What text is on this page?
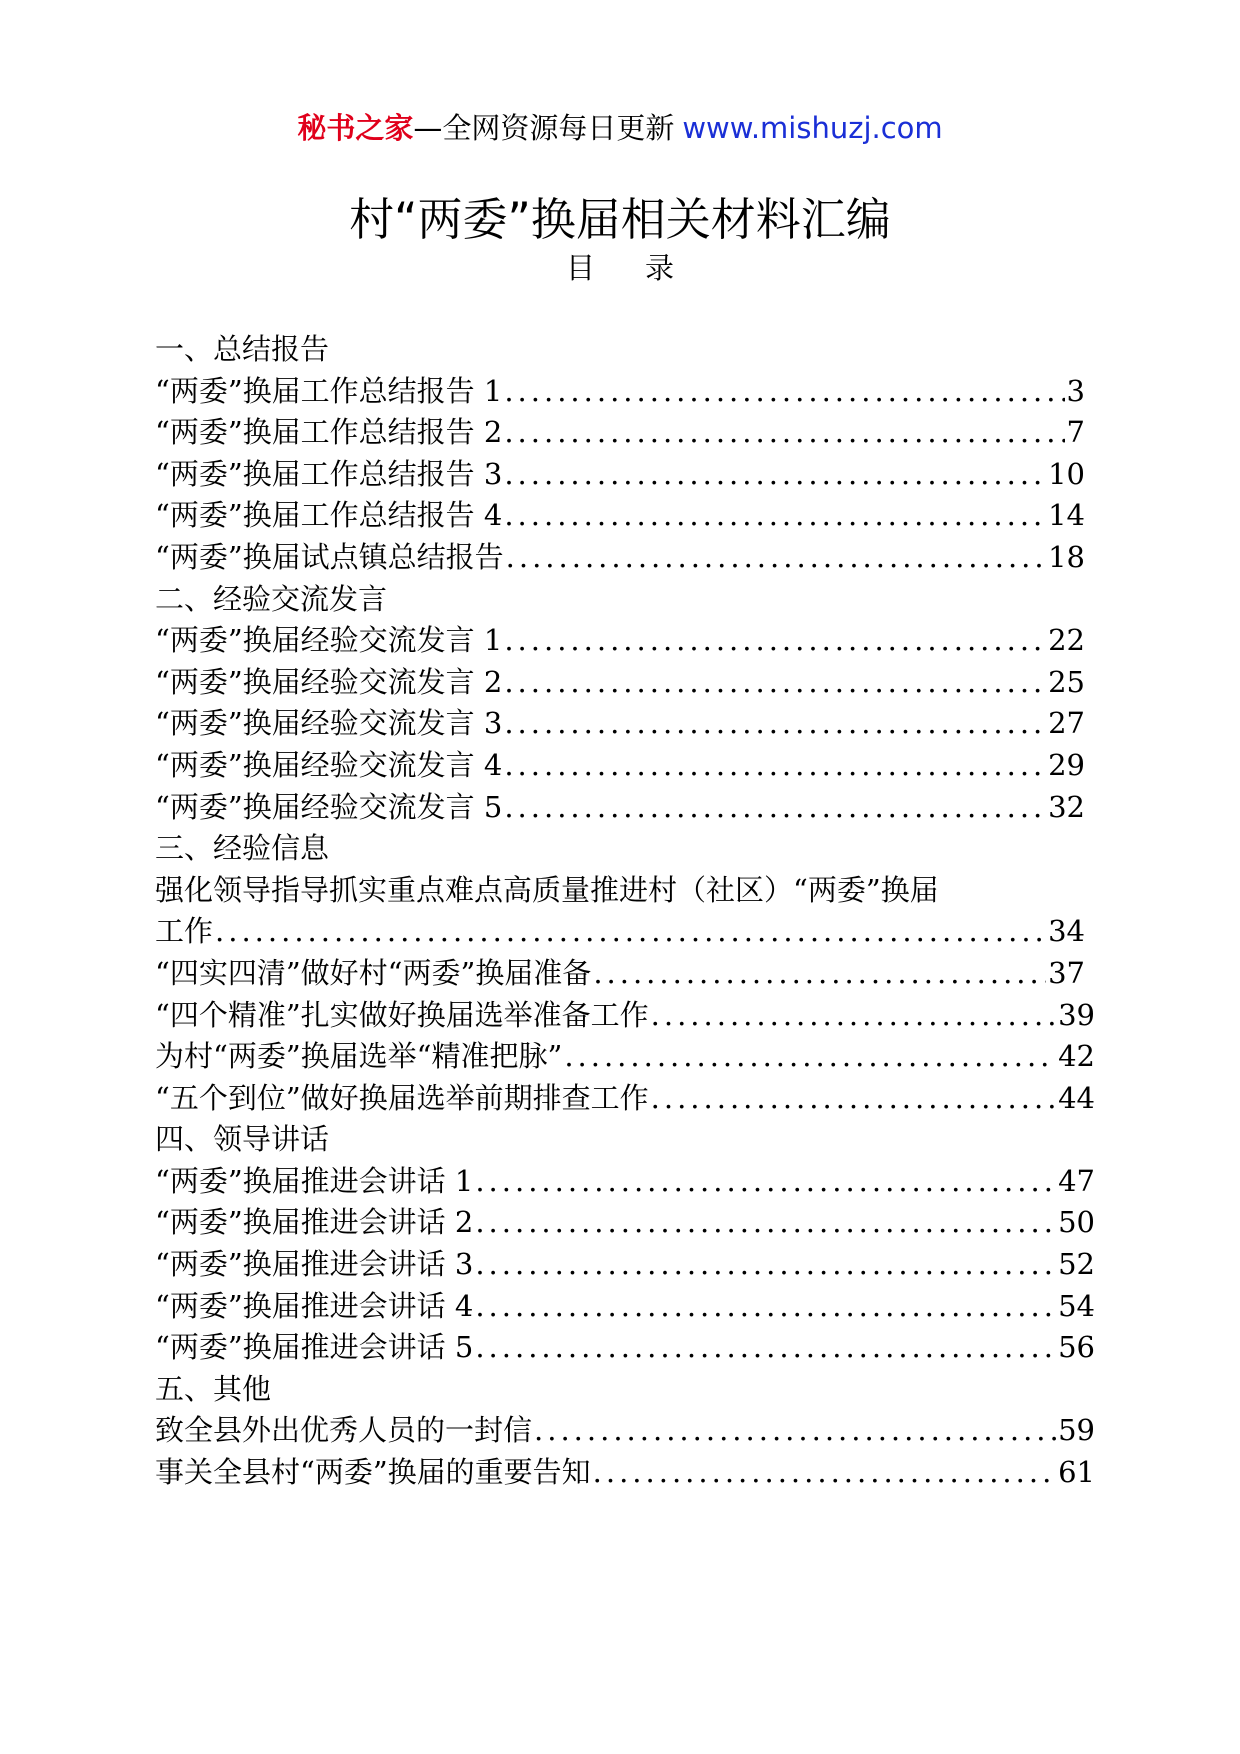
秘书之家—全网资源每日更新 www.mishuzj.com
村“两委”换届相关材料汇编
目录
一、总结报告
“两委”换届工作总结报告 1 .....	3
“两委”换届工作总结报告 2 .....	7
“两委”换届工作总结报告 3 .....	10
“两委”换届工作总结报告 4 .....	14
“两委”换届试点镇总结报告 .....	18
二、经验交流发言
“两委”换届经验交流发言 1 .....	22
“两委”换届经验交流发言 2 .....	25
“两委”换届经验交流发言 3 .....	27
“两委”换届经验交流发言 4 .....	29
“两委”换届经验交流发言 5 .....	32
三、经验信息
强化领导指导抓实重点难点高质量推进村（社区）“两委”换届
工作 .....	34
“四实四清”做好村“两委”换届准备 .....	37
“四个精准”扎实做好换届选举准备工作 .....	39
为村“两委”换届选举“精准把脉” .....	42
“五个到位”做好换届选举前期排查工作 .....	44
四、领导讲话
“两委”换届推进会讲话 1 .....	47
“两委”换届推进会讲话 2 .....	50
“两委”换届推进会讲话 3 .....	52
“两委”换届推进会讲话 4 .....	54
“两委”换届推进会讲话 5 .....	56
五、其他
致全县外出优秀人员的一封信 .....	59
事关全县村“两委”换届的重要告知 .....	61
